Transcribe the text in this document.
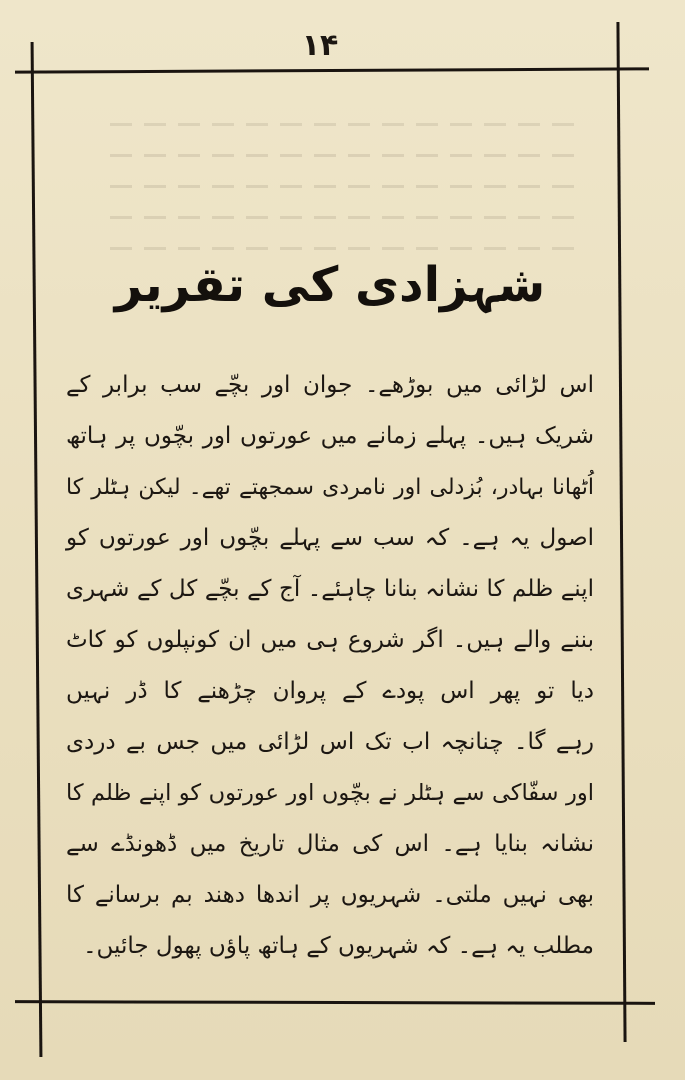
۱۴
شہزادی کی تقریر
اس لڑائی میں بوڑھے۔ جوان اور بچّے سب برابر کے
شریک ہیں۔ پہلے زمانے میں عورتوں اور بچّوں پر ہاتھ
اُٹھانا بہادر، بُزدلی اور نامردی سمجھتے تھے۔ لیکن ہٹلر کا
اصول یہ ہے۔ کہ سب سے پہلے بچّوں اور عورتوں کو
اپنے ظلم کا نشانہ بنانا چاہئے۔ آج کے بچّے کل کے شہری
بننے والے ہیں۔ اگر شروع ہی میں ان کونپلوں کو کاٹ
دیا تو پھر اس پودے کے پروان چڑھنے کا ڈر نہیں
رہے گا۔ چنانچہ اب تک اس لڑائی میں جس بے دردی
اور سفّاکی سے ہٹلر نے بچّوں اور عورتوں کو اپنے ظلم کا
نشانہ بنایا ہے۔ اس کی مثال تاریخ میں ڈھونڈے سے
بھی نہیں ملتی۔ شہریوں پر اندھا دھند بم برسانے کا
مطلب یہ ہے۔ کہ شہریوں کے ہاتھ پاؤں پھول جائیں۔
